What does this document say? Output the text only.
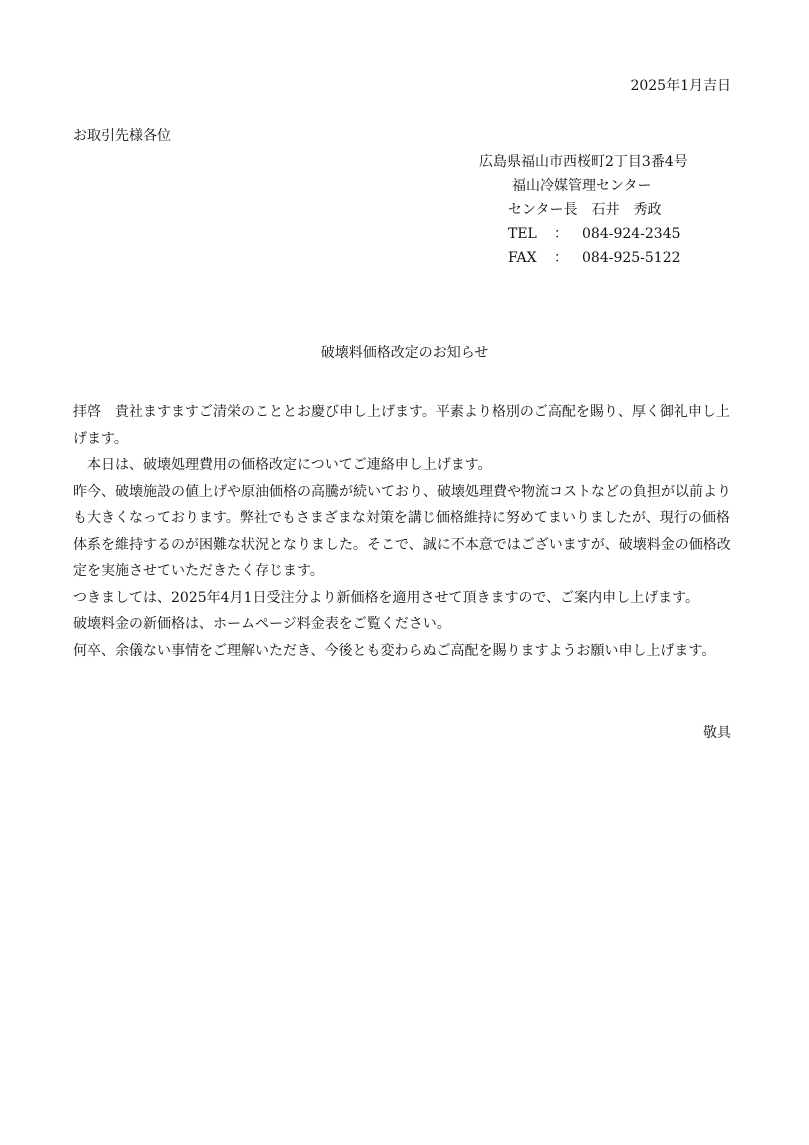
2025年1月吉日
お取引先様各位
広島県福山市西桜町2丁目3番4号
福山冷媒管理センター
センター長　石井　秀政
TEL ： 084-924-2345
FAX ： 084-925-5122
破壊料価格改定のお知らせ

拝啓　貴社ますますご清栄のこととお慶び申し上げます。平素より格別のご高配を賜り、厚く御礼申し上げます。

本日は、破壊処理費用の価格改定についてご連絡申し上げます。

昨今、破壊施設の値上げや原油価格の高騰が続いており、破壊処理費や物流コストなどの負担が以前よりも大きくなっております。弊社でもさまざまな対策を講じ価格維持に努めてまいりましたが、現行の価格体系を維持するのが困難な状況となりました。そこで、誠に不本意ではございますが、破壊料金の価格改定を実施させていただきたく存じます。

つきましては、2025年4月1日受注分より新価格を適用させて頂きますので、ご案内申し上げます。

破壊料金の新価格は、ホームページ料金表をご覧ください。

何卒、余儀ない事情をご理解いただき、今後とも変わらぬご高配を賜りますようお願い申し上げます。

敬具
